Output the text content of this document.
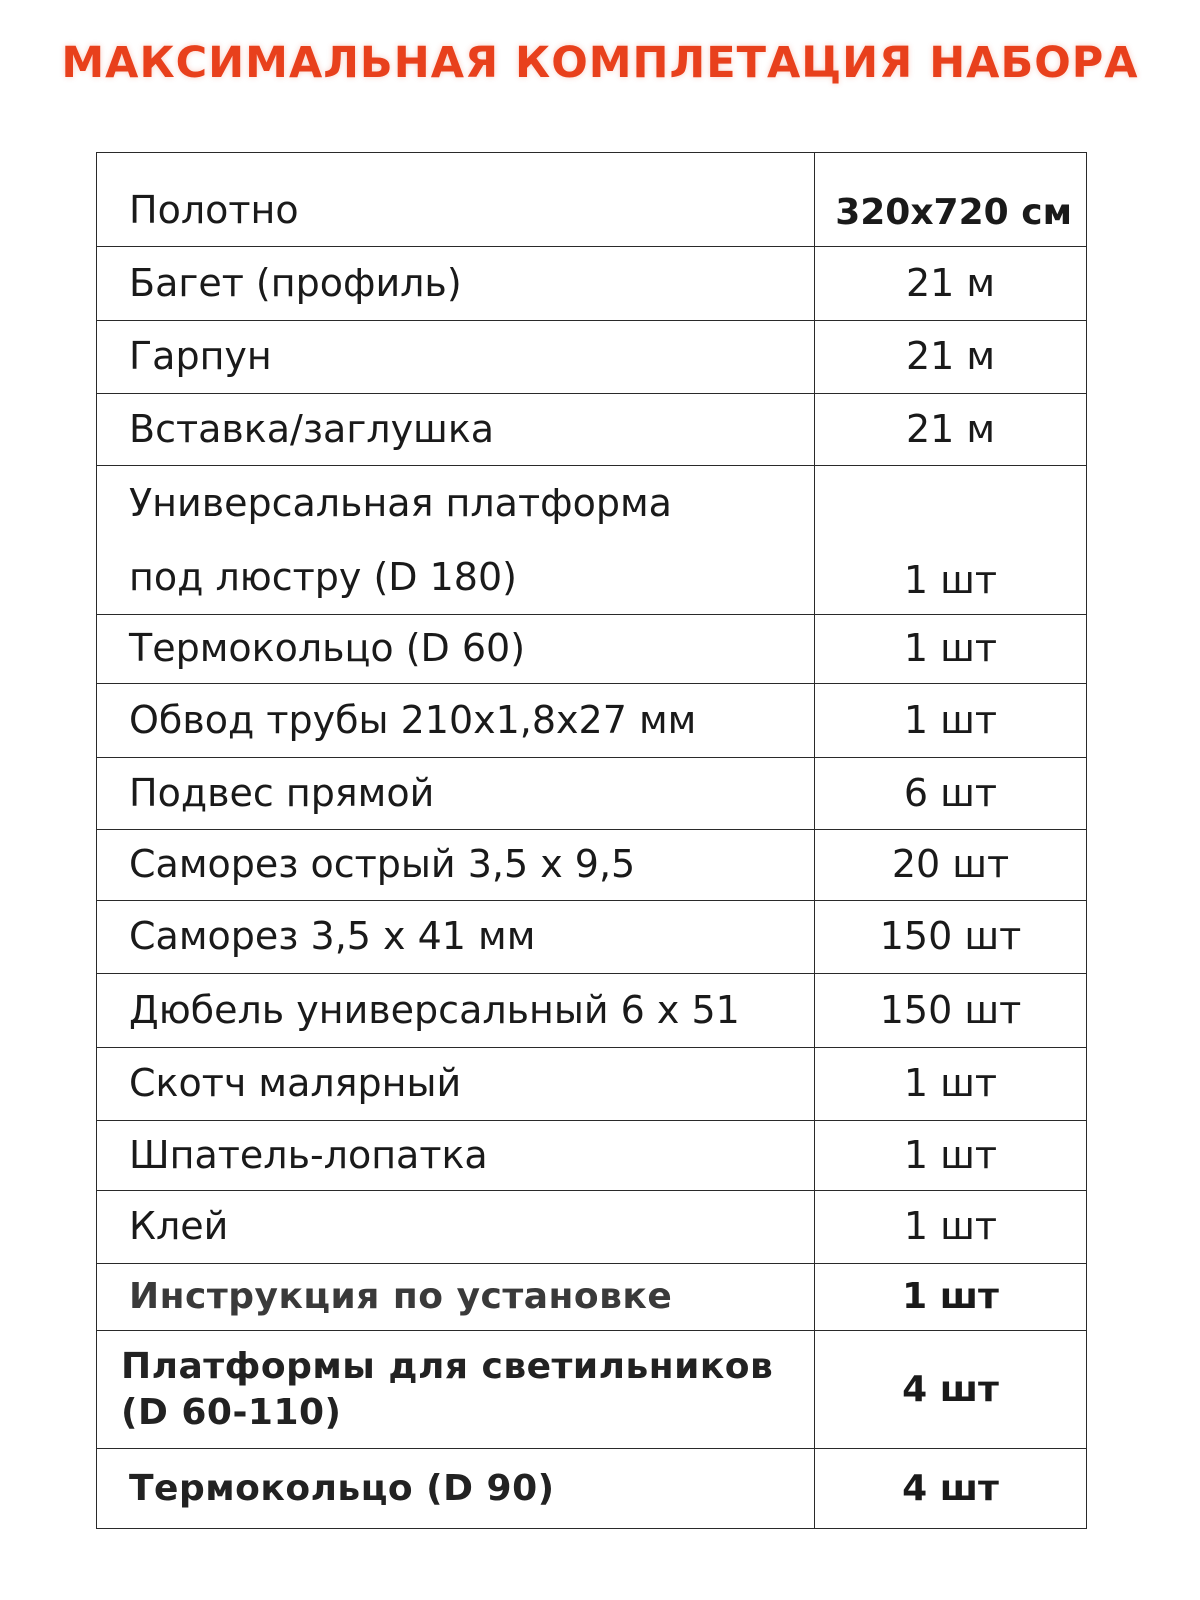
МАКСИМАЛЬНАЯ КОМПЛЕТАЦИЯ НАБОРА
Полотно	320x720 см
Багет (профиль)	21 м
Гарпун	21 м
Вставка/заглушка	21 м

Универсальная платформа
под люстру (D 180)	1 шт
Термокольцо (D 60)	1 шт
Обвод трубы 210x1,8x27 мм	1 шт
Подвес прямой	6 шт
Саморез острый 3,5 х 9,5	20 шт
Саморез 3,5 х 41 мм	150 шт
Дюбель универсальный 6 х 51	150 шт
Скотч малярный	1 шт
Шпатель-лопатка	1 шт
Клей	1 шт
Инструкция по установке	1 шт

Платформы для светильников
(D 60-110)	4 шт
Термокольцо (D 90)	4 шт
